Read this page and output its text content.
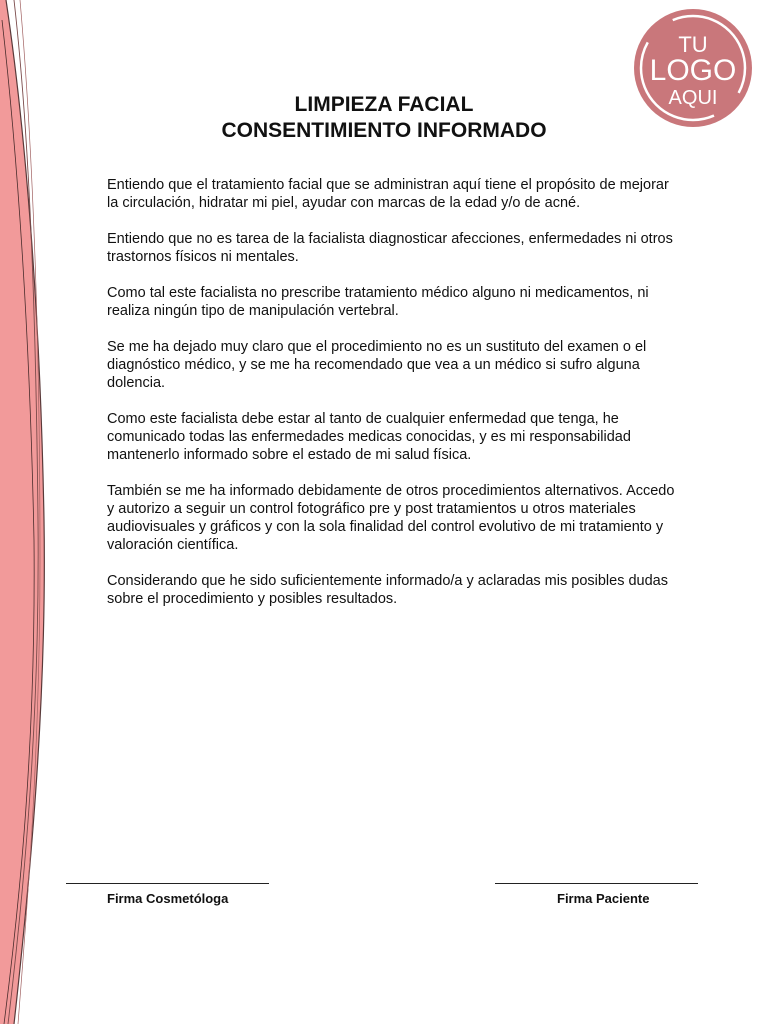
TU
LOGO
AQUI
LIMPIEZA FACIAL
CONSENTIMIENTO INFORMADO

Entiendo que el tratamiento facial que se administran aquí tiene el propósito de mejorar la circulación, hidratar mi piel, ayudar con marcas de la edad y/o de acné.

Entiendo que no es tarea de la facialista diagnosticar afecciones, enfermedades ni otros trastornos físicos ni mentales.

Como tal este facialista no prescribe tratamiento médico alguno ni medicamentos, ni realiza ningún tipo de manipulación vertebral.

Se me ha dejado muy claro que el procedimiento no es un sustituto del examen o el diagnóstico médico, y se me ha recomendado que vea a un médico si sufro alguna dolencia.

Como este facialista debe estar al tanto de cualquier enfermedad que tenga, he comunicado todas las enfermedades medicas conocidas, y es mi responsabilidad mantenerlo informado sobre el estado de mi salud física.

También se me ha informado debidamente de otros procedimientos alternativos. Accedo y autorizo a seguir un control fotográfico pre y post tratamientos u otros materiales audiovisuales y gráficos y con la sola finalidad del control evolutivo de mi tratamiento y valoración científica.

Considerando que he sido suficientemente informado/a y aclaradas mis posibles dudas sobre el procedimiento y posibles resultados.

Firma Cosmetóloga	Firma Paciente
